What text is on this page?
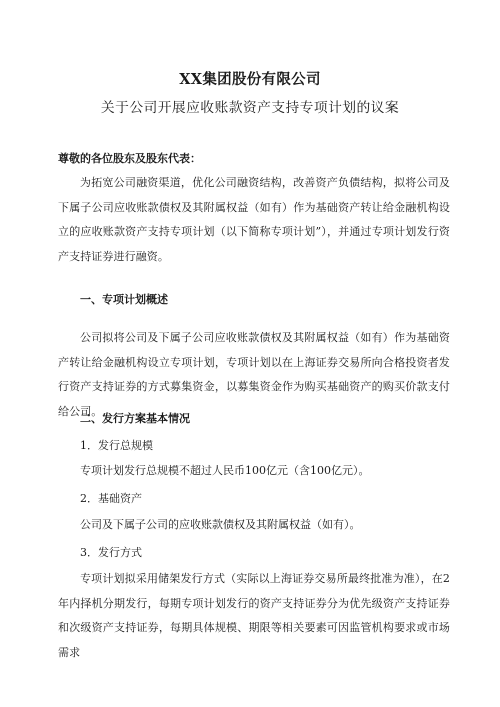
XX集团股份有限公司
关于公司开展应收账款资产支持专项计划的议案
尊敬的各位股东及股东代表：
为拓宽公司融资渠道，优化公司融资结构，改善资产负债结构，拟将公司及下属子公司应收账款债权及其附属权益（如有）作为基础资产转让给金融机构设立的应收账款资产支持专项计划（以下简称专项计划”），并通过专项计划发行资产支持证券进行融资。
一、专项计划概述
公司拟将公司及下属子公司应收账款债权及其附属权益（如有）作为基础资产转让给金融机构设立专项计划，专项计划以在上海证券交易所向合格投资者发行资产支持证券的方式募集资金，以募集资金作为购买基础资产的购买价款支付给公司。
二、发行方案基本情况
1．发行总规模
专项计划发行总规模不超过人民币100亿元（含100亿元）。
2．基础资产
公司及下属子公司的应收账款债权及其附属权益（如有）。
3．发行方式
专项计划拟采用储架发行方式（实际以上海证券交易所最终批准为准），在2年内择机分期发行，每期专项计划发行的资产支持证券分为优先级资产支持证券和次级资产支持证券，每期具体规模、期限等相关要素可因监管机构要求或市场需求
